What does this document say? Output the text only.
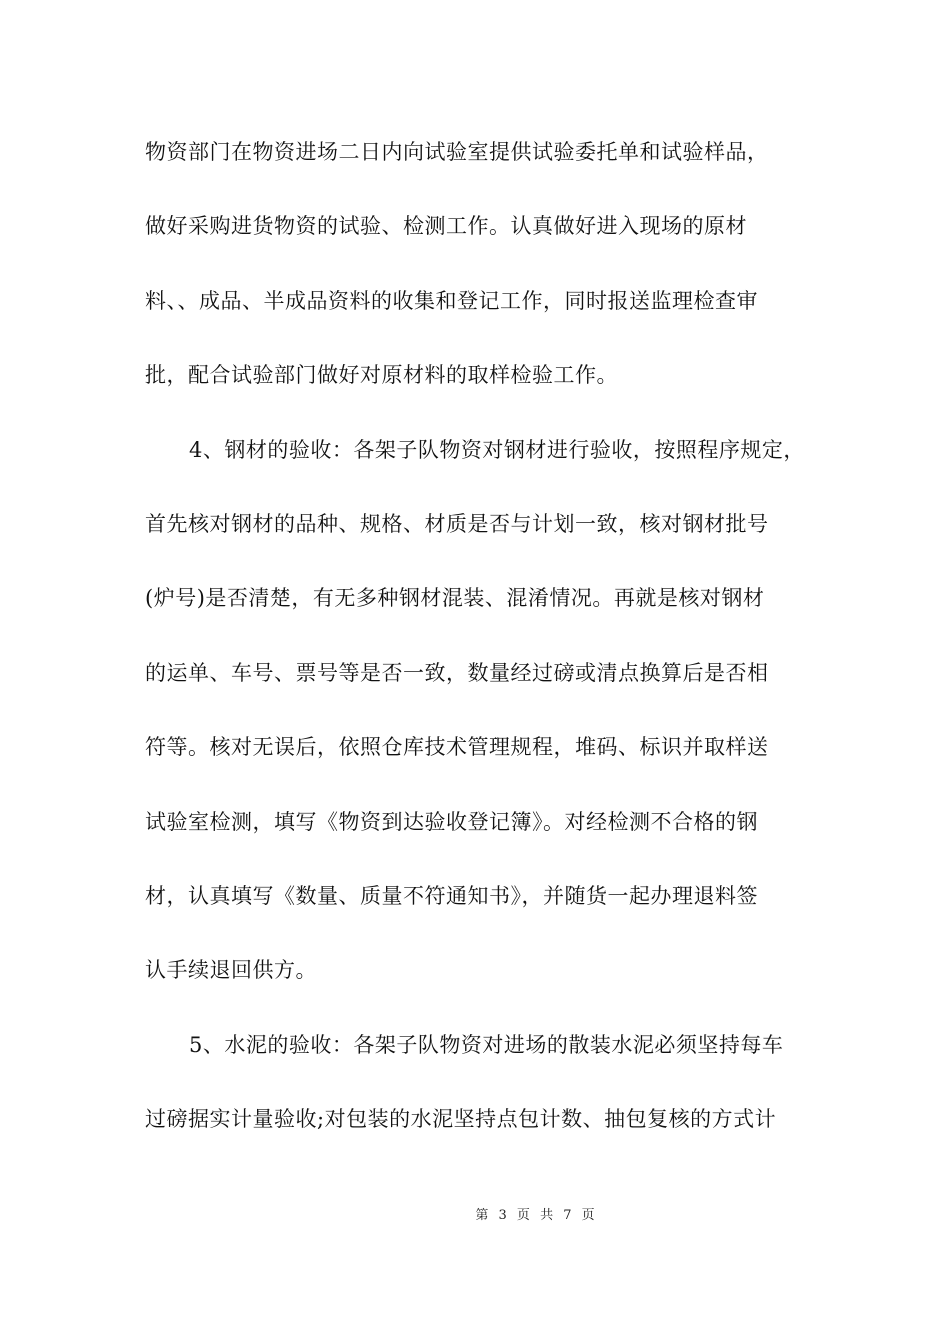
物资部门在物资进场二日内向试验室提供试验委托单和试验样品，
做好采购进货物资的试验、检测工作。认真做好进入现场的原材
料、、成品、半成品资料的收集和登记工作，同时报送监理检查审
批，配合试验部门做好对原材料的取样检验工作。
4、钢材的验收：各架子队物资对钢材进行验收，按照程序规定，
首先核对钢材的品种、规格、材质是否与计划一致，核对钢材批号
(炉号)是否清楚，有无多种钢材混装、混淆情况。再就是核对钢材
的运单、车号、票号等是否一致，数量经过磅或清点换算后是否相
符等。核对无误后，依照仓库技术管理规程，堆码、标识并取样送
试验室检测，填写《物资到达验收登记簿》。对经检测不合格的钢
材，认真填写《数量、质量不符通知书》，并随货一起办理退料签
认手续退回供方。
5、水泥的验收：各架子队物资对进场的散装水泥必须坚持每车
过磅据实计量验收;对包装的水泥坚持点包计数、抽包复核的方式计
第 3 页 共 7 页
